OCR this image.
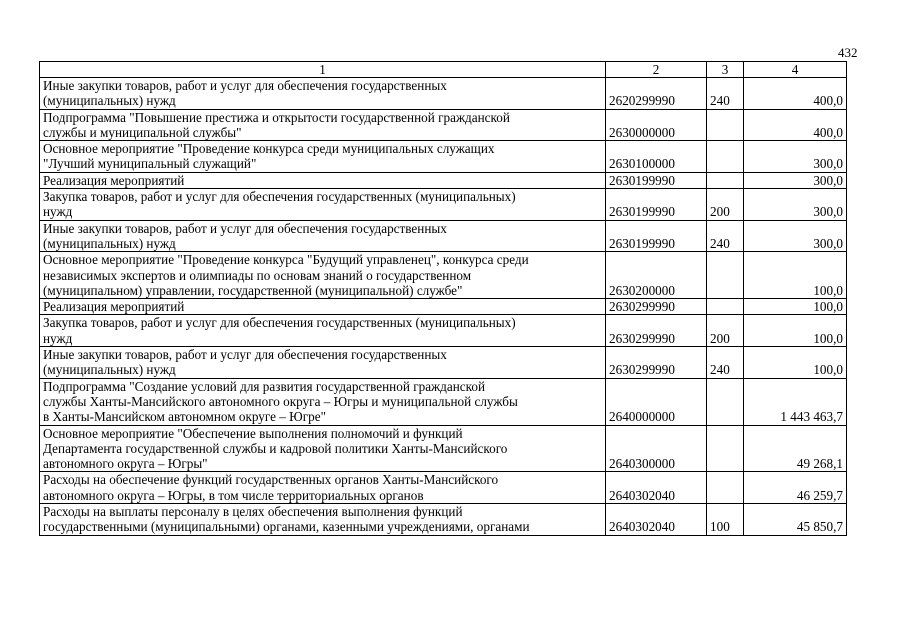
432
1	2	3	4

Иные закупки товаров, работ и услуг для обеспечения государственных
(муниципальных) нужд	2620299990	240	400,0

Подпрограмма "Повышение престижа и открытости государственной гражданской
службы и муниципальной службы"	2630000000		400,0

Основное мероприятие "Проведение конкурса среди муниципальных служащих
"Лучший муниципальный служащий"	2630100000		300,0

Реализация мероприятий	2630199990		300,0

Закупка товаров, работ и услуг для обеспечения государственных (муниципальных)
нужд	2630199990	200	300,0

Иные закупки товаров, работ и услуг для обеспечения государственных
(муниципальных) нужд	2630199990	240	300,0

Основное мероприятие "Проведение конкурса "Будущий управленец", конкурса среди
независимых экспертов и олимпиады по основам знаний о государственном
(муниципальном) управлении, государственной (муниципальной) службе"	2630200000		100,0

Реализация мероприятий	2630299990		100,0

Закупка товаров, работ и услуг для обеспечения государственных (муниципальных)
нужд	2630299990	200	100,0

Иные закупки товаров, работ и услуг для обеспечения государственных
(муниципальных) нужд	2630299990	240	100,0

Подпрограмма "Создание условий для развития государственной гражданской
службы Ханты-Мансийского автономного округа – Югры и муниципальной службы
в Ханты-Мансийском автономном округе – Югре"	2640000000		1 443 463,7

Основное мероприятие "Обеспечение выполнения полномочий и функций
Департамента государственной службы и кадровой политики Ханты-Мансийского
автономного округа – Югры"	2640300000		49 268,1

Расходы на обеспечение функций государственных органов Ханты-Мансийского
автономного округа – Югры, в том числе территориальных органов	2640302040		46 259,7

Расходы на выплаты персоналу в целях обеспечения выполнения функций
государственными (муниципальными) органами, казенными учреждениями, органами	2640302040	100	45 850,7
